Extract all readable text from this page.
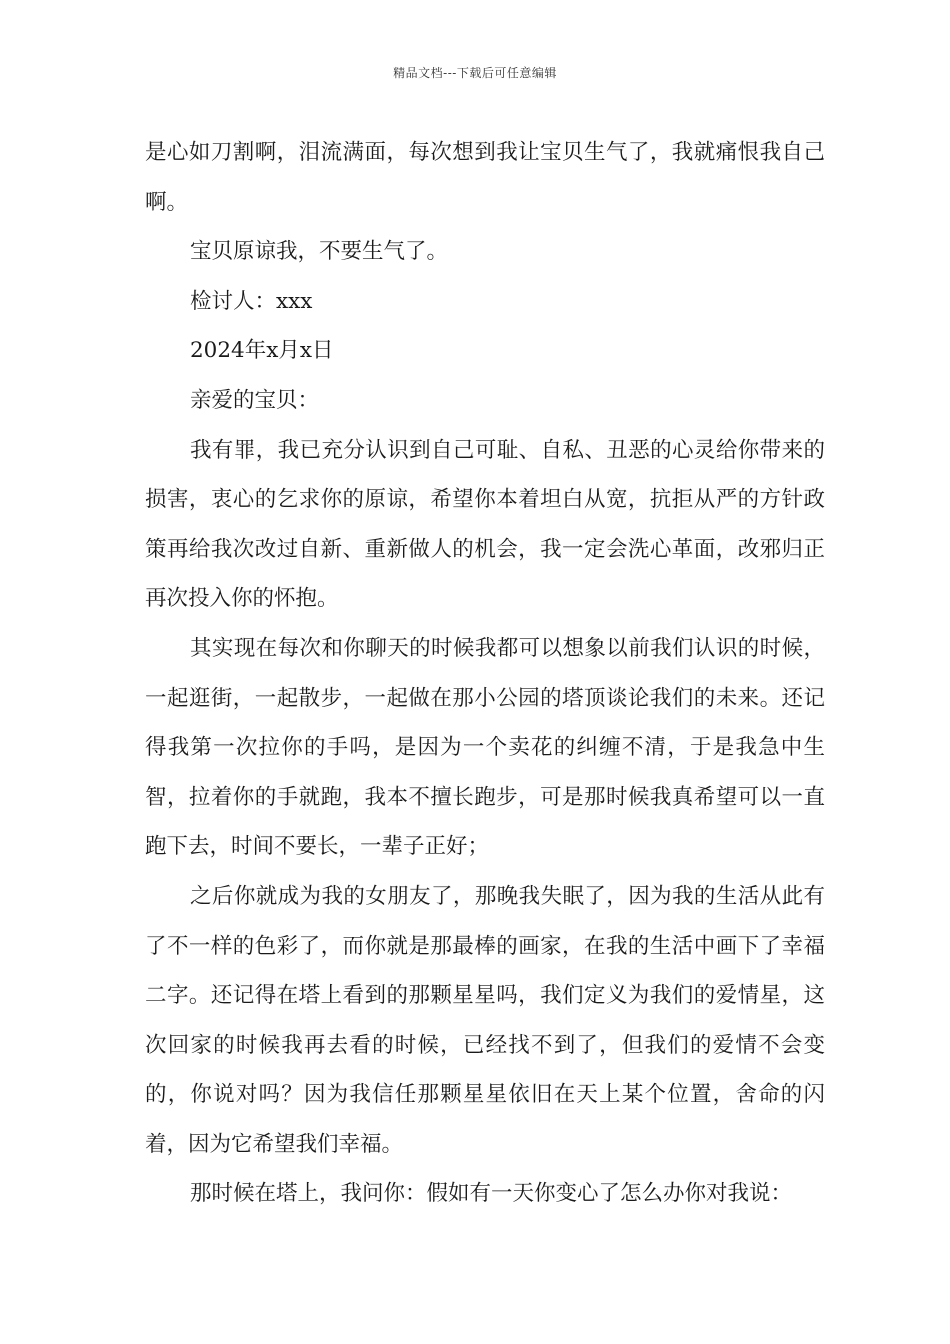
精品文档---下载后可任意编辑

是心如刀割啊，泪流满面，每次想到我让宝贝生气了，我就痛恨我自己啊。

宝贝原谅我，不要生气了。

检讨人：xxx

2024年x月x日

亲爱的宝贝：

我有罪，我已充分认识到自己可耻、自私、丑恶的心灵给你带来的损害，衷心的乞求你的原谅，希望你本着坦白从宽，抗拒从严的方针政策再给我次改过自新、重新做人的机会，我一定会洗心革面，改邪归正再次投入你的怀抱。

其实现在每次和你聊天的时候我都可以想象以前我们认识的时候，一起逛街，一起散步，一起做在那小公园的塔顶谈论我们的未来。还记得我第一次拉你的手吗，是因为一个卖花的纠缠不清，于是我急中生智，拉着你的手就跑，我本不擅长跑步，可是那时候我真希望可以一直跑下去，时间不要长，一辈子正好；

之后你就成为我的女朋友了，那晚我失眠了，因为我的生活从此有了不一样的色彩了，而你就是那最棒的画家，在我的生活中画下了幸福二字。还记得在塔上看到的那颗星星吗，我们定义为我们的爱情星，这次回家的时候我再去看的时候，已经找不到了，但我们的爱情不会变的，你说对吗？因为我信任那颗星星依旧在天上某个位置，舍命的闪着，因为它希望我们幸福。

那时候在塔上，我问你：假如有一天你变心了怎么办你对我说：
